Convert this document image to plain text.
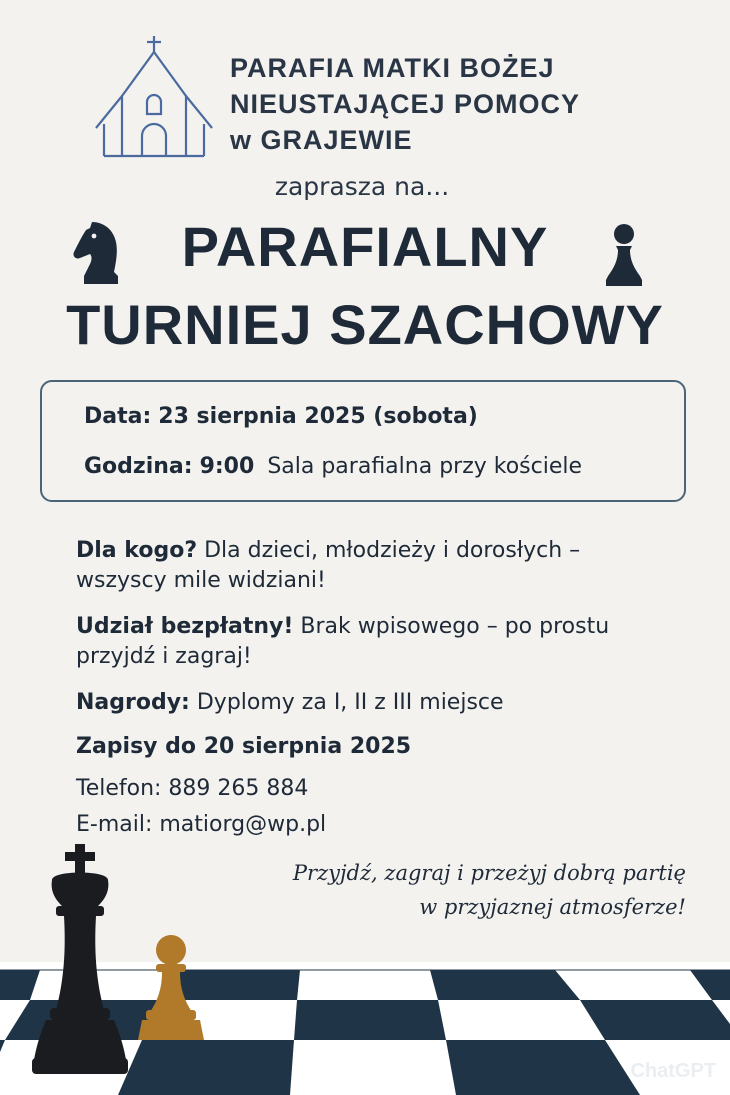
PARAFIA MATKI BOŻEJ
NIEUSTAJĄCEJ POMOCY
w GRAJEWIE
zaprasza na...
PARAFIALNY
TURNIEJ SZACHOWY
Data: 23 sierpnia 2025 (sobota)
Godzina: 9:00 Sala parafialna przy kościele
Dla kogo? Dla dzieci, młodzieży i dorosłych – wszyscy mile widziani!
Udział bezpłatny! Brak wpisowego – po prostu przyjdź i zagraj!
Nagrody: Dyplomy za I, II z III miejsce
Zapisy do 20 sierpnia 2025
Telefon: 889 265 884
E-mail: matiorg@wp.pl
Przyjdź, zagraj i przeżyj dobrą partię
w przyjaznej atmosferze!
ChatGPT
